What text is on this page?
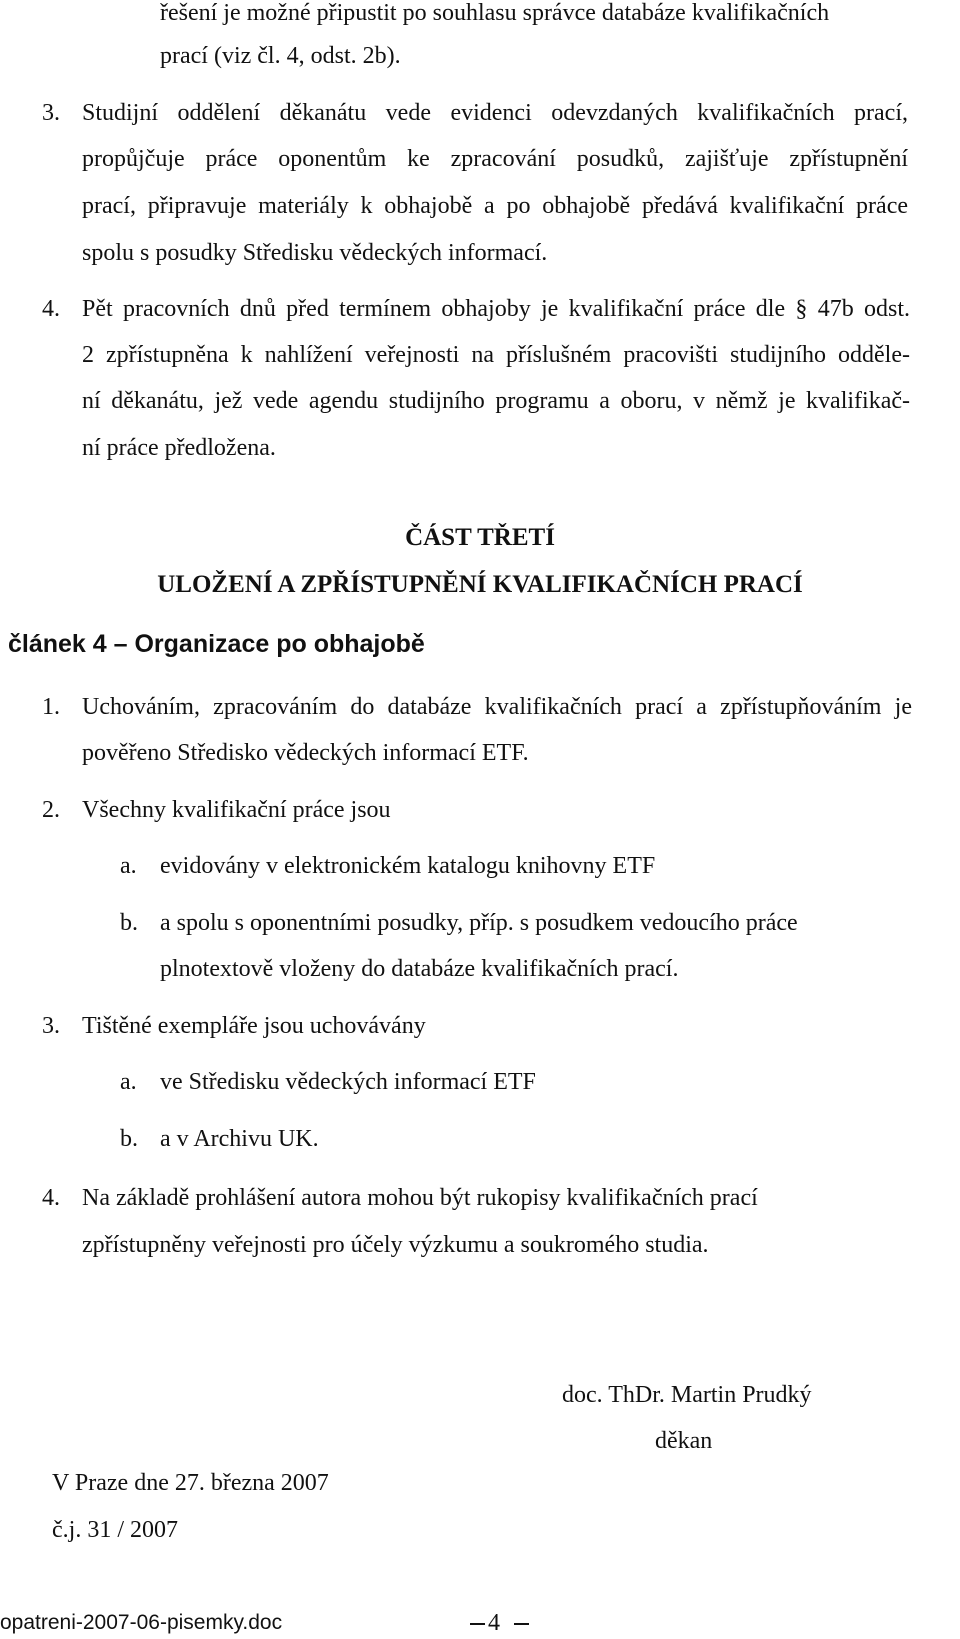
řešení je možné připustit po souhlasu správce databáze kvalifikačních
prací (viz čl. 4, odst. 2b).
3. Studijní oddělení děkanátu vede evidenci odevzdaných kvalifikačních prací,
propůjčuje práce oponentům ke zpracování posudků, zajišťuje zpřístupnění
prací, připravuje materiály k obhajobě a po obhajobě předává kvalifikační práce
spolu s posudky Středisku vědeckých informací.
4. Pět pracovních dnů před termínem obhajoby je kvalifikační práce dle § 47b odst.
2 zpřístupněna k nahlížení veřejnosti na příslušném pracovišti studijního odděle-
ní děkanátu, jež vede agendu studijního programu a oboru, v němž je kvalifikač-
ní práce předložena.
ČÁST TŘETÍ
ULOŽENÍ A ZPŘÍSTUPNĚNÍ KVALIFIKAČNÍCH PRACÍ
článek 4 – Organizace po obhajobě
1. Uchováním, zpracováním do databáze kvalifikačních prací a zpřístupňováním je
pověřeno Středisko vědeckých informací ETF.
2. Všechny kvalifikační práce jsou
a. evidovány v elektronickém katalogu knihovny ETF
b. a spolu s oponentními posudky, příp. s posudkem vedoucího práce
plnotextově vloženy do databáze kvalifikačních prací.
3. Tištěné exempláře jsou uchovávány
a. ve Středisku vědeckých informací ETF
b. a v Archivu UK.
4. Na základě prohlášení autora mohou být rukopisy kvalifikačních prací
zpřístupněny veřejnosti pro účely výzkumu a soukromého studia.
doc. ThDr. Martin Prudký
děkan
V Praze dne 27. března 2007
č.j. 31 / 2007
opatreni-2007-06-pisemky.doc	4
